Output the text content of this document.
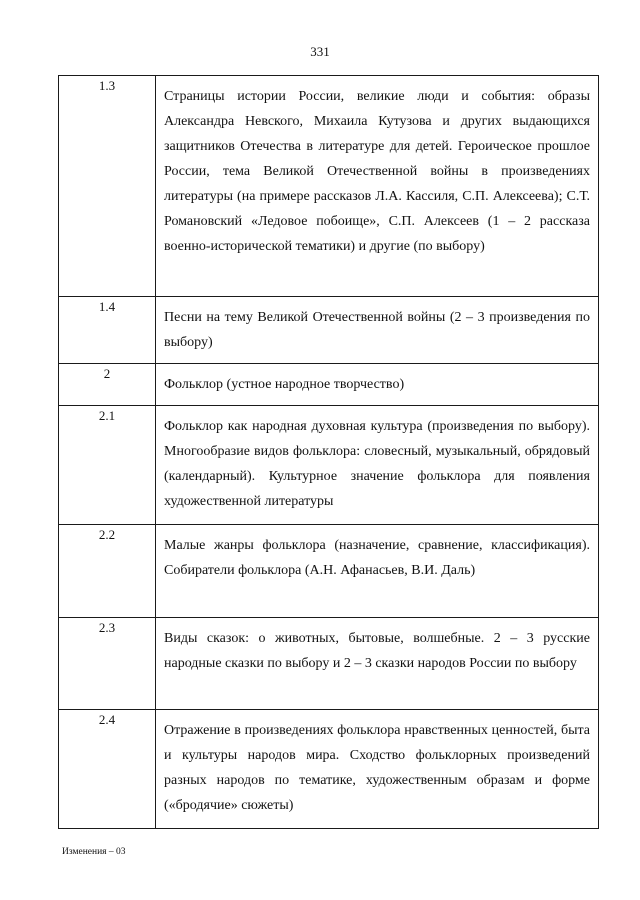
331
1.3	Страницы истории России, великие люди и события: образы Александра Невского, Михаила Кутузова и других выдающихся защитников Отечества в литературе для детей. Героическое прошлое России, тема Великой Отечественной войны в произведениях литературы (на примере рассказов Л.А. Кассиля, С.П. Алексеева); С.Т. Романовский «Ледовое побоище», С.П. Алексеев (1 – 2 рассказа военно-исторической тематики) и другие (по выбору)
1.4	Песни на тему Великой Отечественной войны (2 – 3 произведения по выбору)
2	Фольклор (устное народное творчество)
2.1	Фольклор как народная духовная культура (произведения по выбору). Многообразие видов фольклора: словесный, музыкальный, обрядовый (календарный). Культурное значение фольклора для появления художественной литературы
2.2	Малые жанры фольклора (назначение, сравнение, классификация). Собиратели фольклора (А.Н. Афанасьев, В.И. Даль)
2.3	Виды сказок: о животных, бытовые, волшебные. 2 – 3 русские народные сказки по выбору и 2 – 3 сказки народов России по выбору
2.4	Отражение в произведениях фольклора нравственных ценностей, быта и культуры народов мира. Сходство фольклорных произведений разных народов по тематике, художественным образам и форме («бродячие» сюжеты)
Изменения – 03
